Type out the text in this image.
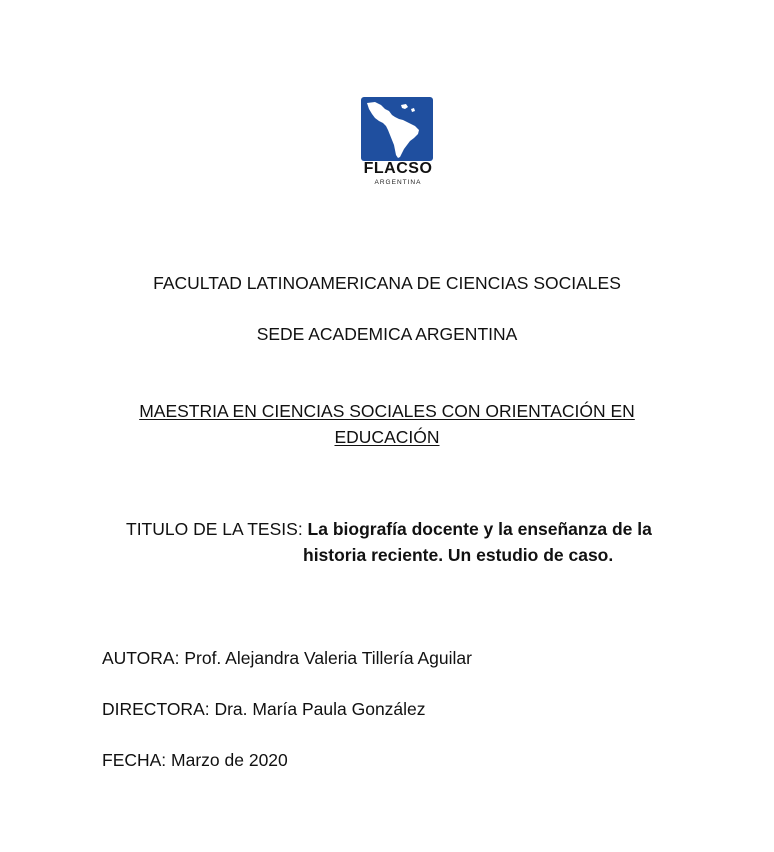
FLACSO
ARGENTINA
FACULTAD LATINOAMERICANA DE CIENCIAS SOCIALES
SEDE ACADEMICA ARGENTINA
MAESTRIA EN CIENCIAS SOCIALES CON ORIENTACIÓN EN
EDUCACIÓN
TITULO DE LA TESIS: La biografía docente y la enseñanza de la
historia reciente. Un estudio de caso.
AUTORA: Prof. Alejandra Valeria Tillería Aguilar
DIRECTORA: Dra. María Paula González
FECHA: Marzo de 2020
